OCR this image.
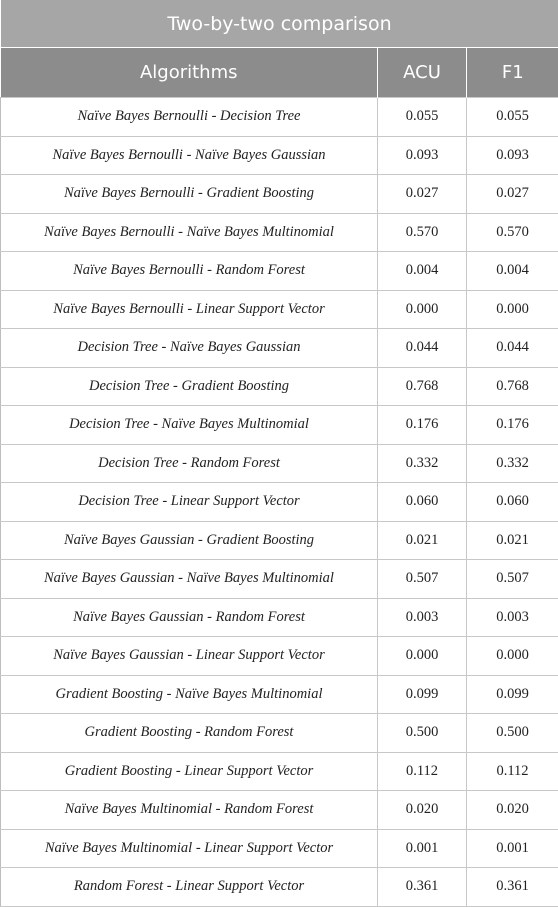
Two-by-two comparison		
Algorithms	ACU	F1
Naïve Bayes Bernoulli - Decision Tree	0.055	0.055
Naïve Bayes Bernoulli - Naïve Bayes Gaussian	0.093	0.093
Naïve Bayes Bernoulli - Gradient Boosting	0.027	0.027
Naïve Bayes Bernoulli - Naïve Bayes Multinomial	0.570	0.570
Naïve Bayes Bernoulli - Random Forest	0.004	0.004
Naïve Bayes Bernoulli - Linear Support Vector	0.000	0.000
Decision Tree - Naïve Bayes Gaussian	0.044	0.044
Decision Tree - Gradient Boosting	0.768	0.768
Decision Tree - Naïve Bayes Multinomial	0.176	0.176
Decision Tree - Random Forest	0.332	0.332
Decision Tree - Linear Support Vector	0.060	0.060
Naïve Bayes Gaussian - Gradient Boosting	0.021	0.021
Naïve Bayes Gaussian - Naïve Bayes Multinomial	0.507	0.507
Naïve Bayes Gaussian - Random Forest	0.003	0.003
Naïve Bayes Gaussian - Linear Support Vector	0.000	0.000
Gradient Boosting - Naïve Bayes Multinomial	0.099	0.099
Gradient Boosting - Random Forest	0.500	0.500
Gradient Boosting - Linear Support Vector	0.112	0.112
Naïve Bayes Multinomial - Random Forest	0.020	0.020
Naïve Bayes Multinomial - Linear Support Vector	0.001	0.001
Random Forest - Linear Support Vector	0.361	0.361
